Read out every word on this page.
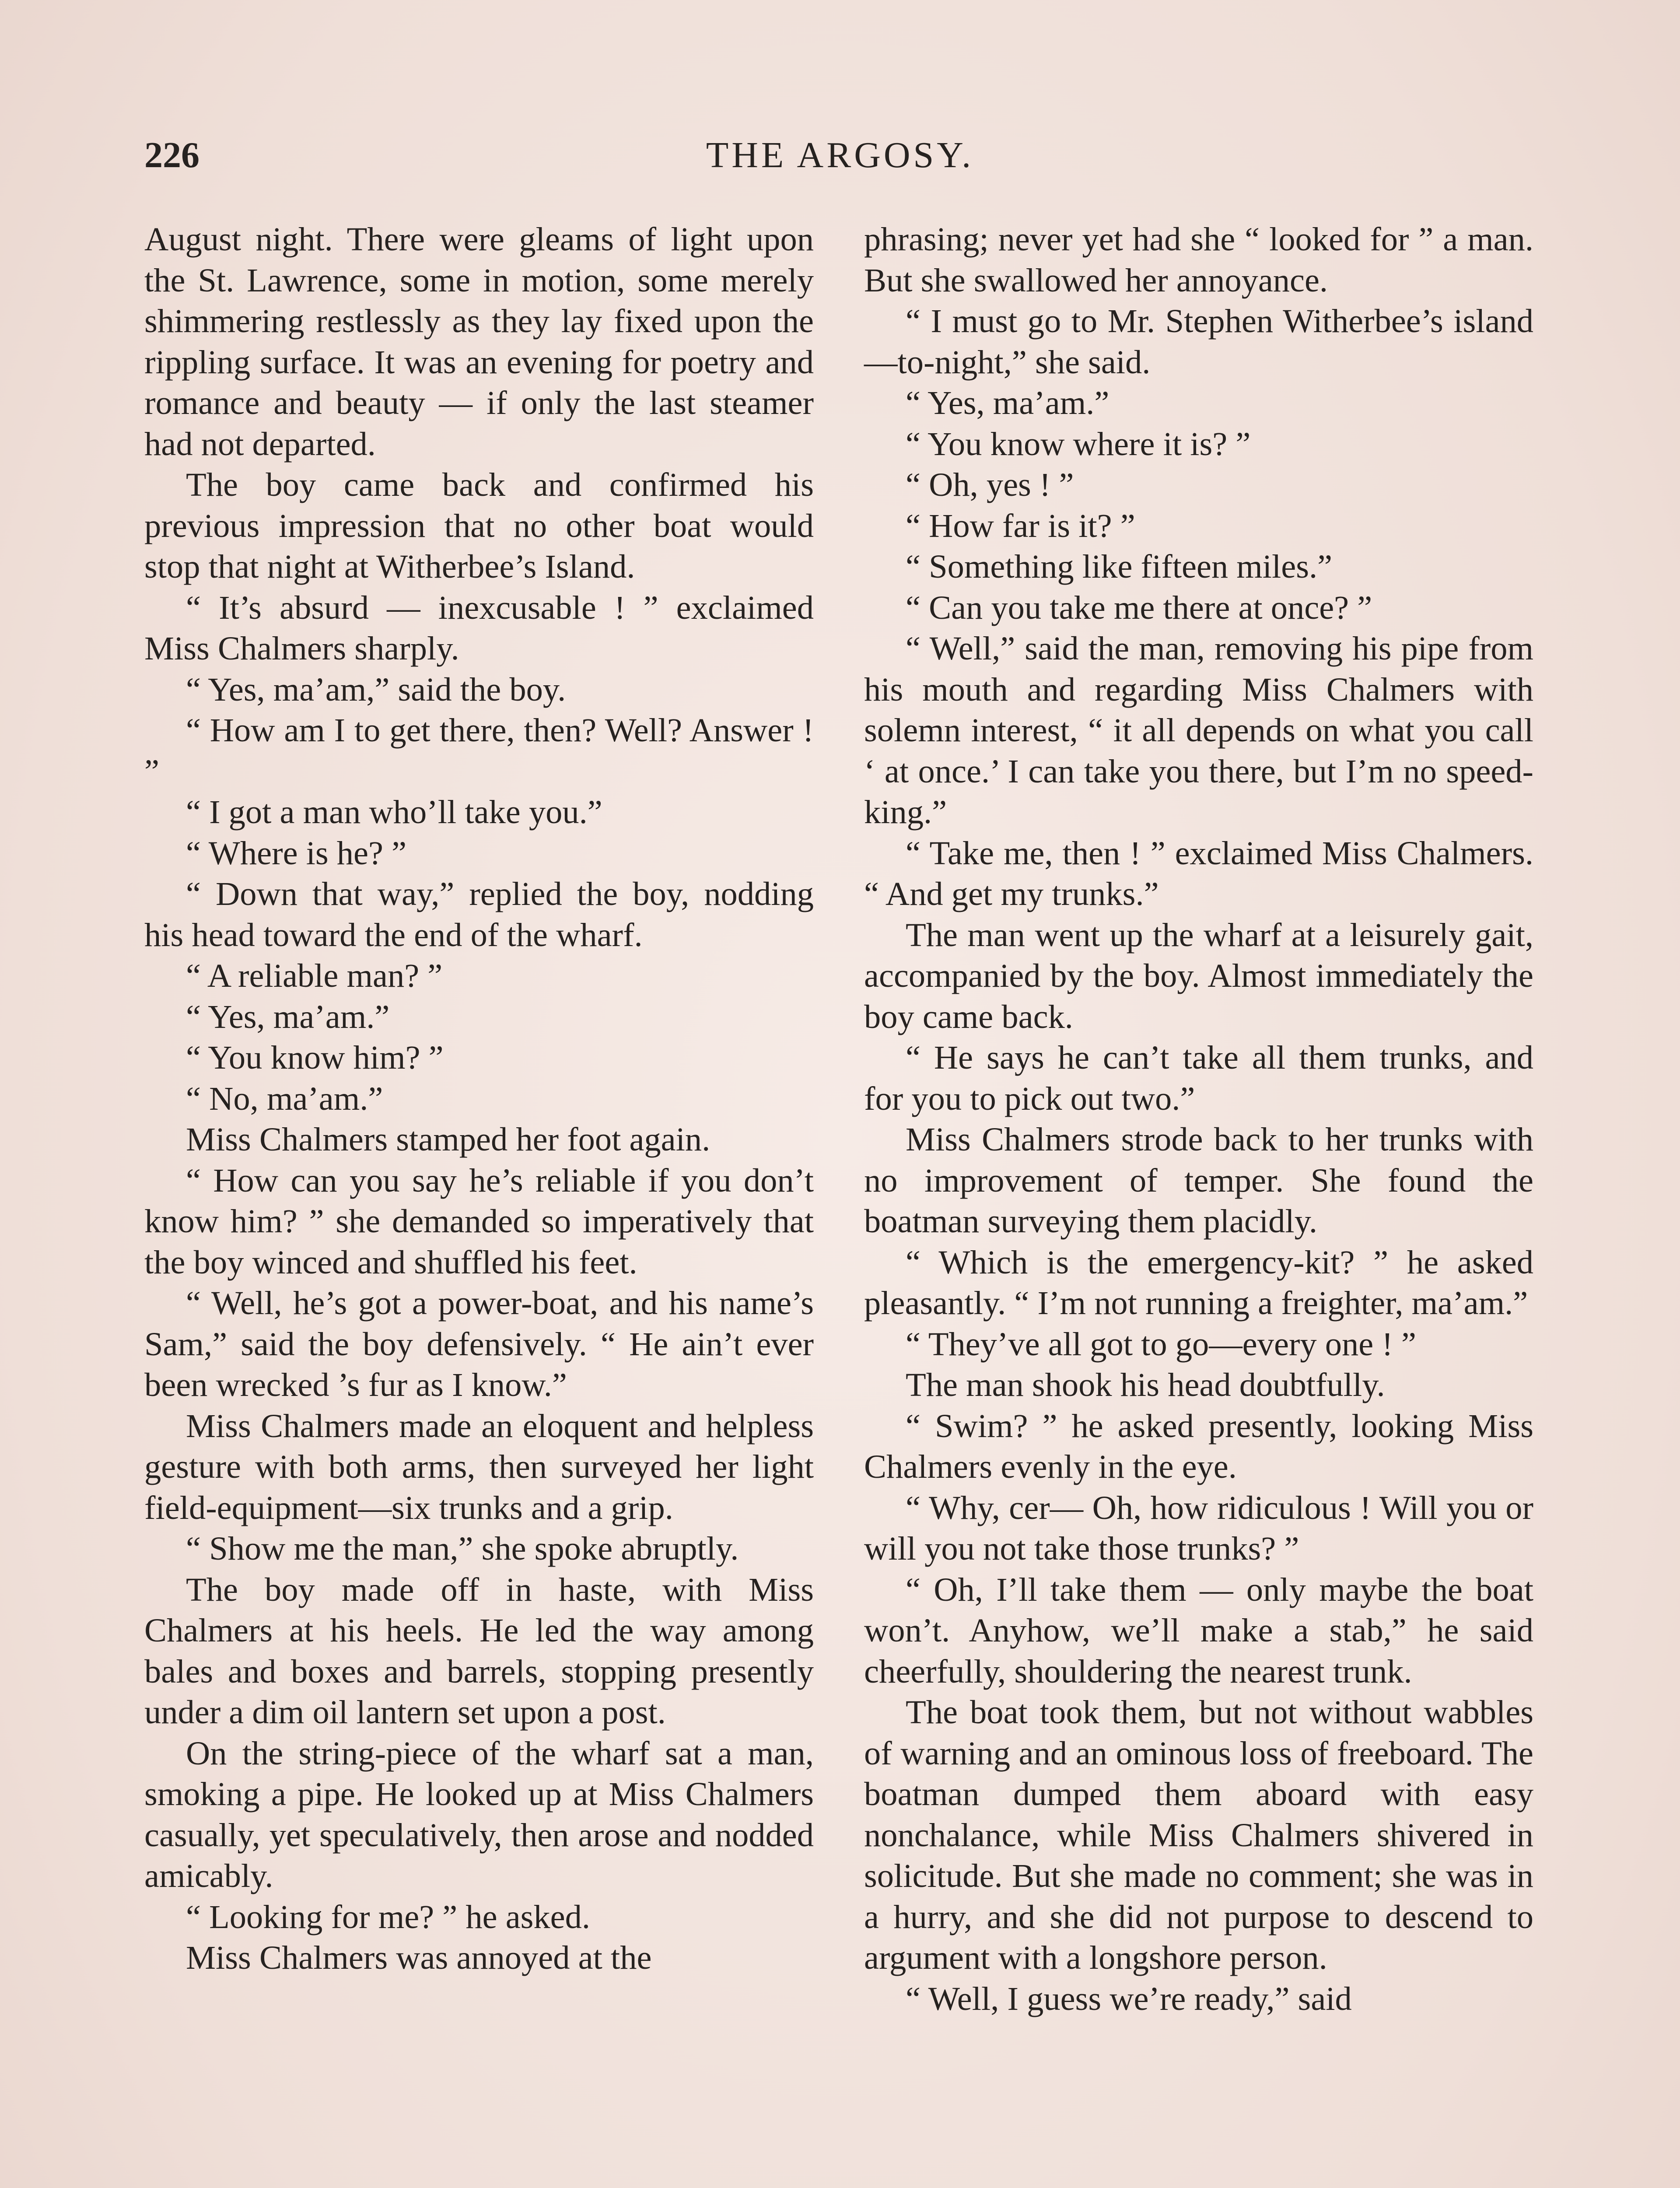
226	THE ARGOSY.

August night. There were gleams of light upon the St. Lawrence, some in motion, some merely shimmering restlessly as they lay fixed upon the rippling surface. It was an evening for poetry and romance and beauty — if only the last steamer had not departed.

The boy came back and confirmed his previous impression that no other boat would stop that night at Witherbee’s Island.

“ It’s absurd — inexcusable ! ” exclaimed Miss Chalmers sharply.

“ Yes, ma’am,” said the boy.

“ How am I to get there, then? Well? Answer ! ”

“ I got a man who’ll take you.”

“ Where is he? ”

“ Down that way,” replied the boy, nodding his head toward the end of the wharf.

“ A reliable man? ”

“ Yes, ma’am.”

“ You know him? ”

“ No, ma’am.”

Miss Chalmers stamped her foot again.

“ How can you say he’s reliable if you don’t know him? ” she demanded so imperatively that the boy winced and shuffled his feet.

“ Well, he’s got a power-boat, and his name’s Sam,” said the boy defensively. “ He ain’t ever been wrecked ’s fur as I know.”

Miss Chalmers made an eloquent and helpless gesture with both arms, then surveyed her light field-equipment—six trunks and a grip.

“ Show me the man,” she spoke abruptly.

The boy made off in haste, with Miss Chalmers at his heels. He led the way among bales and boxes and barrels, stopping presently under a dim oil lantern set upon a post.

On the string-piece of the wharf sat a man, smoking a pipe. He looked up at Miss Chalmers casually, yet speculatively, then arose and nodded amicably.

“ Looking for me? ” he asked.

Miss Chalmers was annoyed at the

phrasing; never yet had she “ looked for ” a man. But she swallowed her annoyance.

“ I must go to Mr. Stephen Witherbee’s island—to-night,” she said.

“ Yes, ma’am.”

“ You know where it is? ”

“ Oh, yes ! ”

“ How far is it? ”

“ Something like fifteen miles.”

“ Can you take me there at once? ”

“ Well,” said the man, removing his pipe from his mouth and regarding Miss Chalmers with solemn interest, “ it all depends on what you call ‘ at once.’ I can take you there, but I’m no speed-king.”

“ Take me, then ! ” exclaimed Miss Chalmers. “ And get my trunks.”

The man went up the wharf at a leisurely gait, accompanied by the boy. Almost immediately the boy came back.

“ He says he can’t take all them trunks, and for you to pick out two.”

Miss Chalmers strode back to her trunks with no improvement of temper. She found the boatman surveying them placidly.

“ Which is the emergency-kit? ” he asked pleasantly. “ I’m not running a freighter, ma’am.”

“ They’ve all got to go—every one ! ”

The man shook his head doubtfully.

“ Swim? ” he asked presently, looking Miss Chalmers evenly in the eye.

“ Why, cer— Oh, how ridiculous ! Will you or will you not take those trunks? ”

“ Oh, I’ll take them — only maybe the boat won’t. Anyhow, we’ll make a stab,” he said cheerfully, shouldering the nearest trunk.

The boat took them, but not without wabbles of warning and an ominous loss of freeboard. The boatman dumped them aboard with easy nonchalance, while Miss Chalmers shivered in solicitude. But she made no comment; she was in a hurry, and she did not purpose to descend to argument with a longshore person.

“ Well, I guess we’re ready,” said
